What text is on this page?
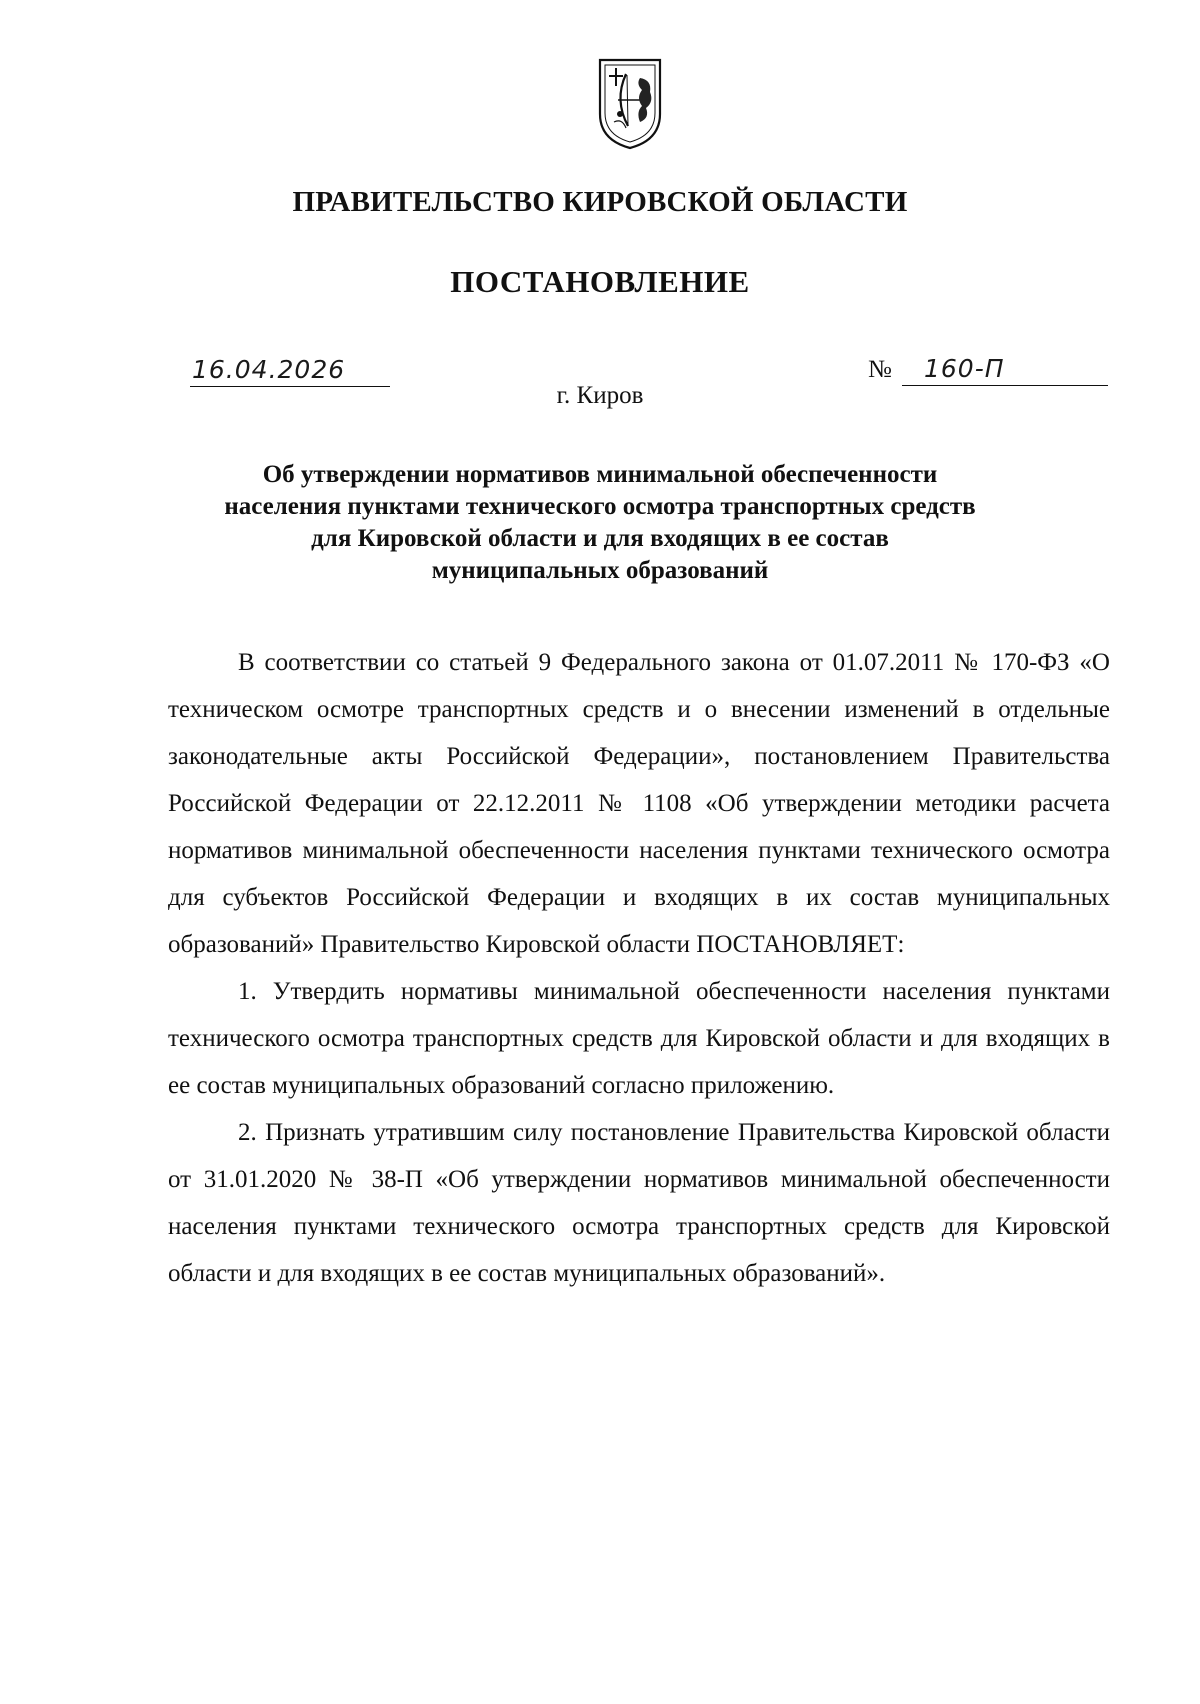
ПРАВИТЕЛЬСТВО КИРОВСКОЙ ОБЛАСТИ
ПОСТАНОВЛЕНИЕ
16.04.2026	№ 160-П
г. Киров
Об утверждении нормативов минимальной обеспеченности
населения пунктами технического осмотра транспортных средств
для Кировской области и для входящих в ее состав
муниципальных образований

В соответствии со статьей 9 Федерального закона от 01.07.2011 № 170-ФЗ «О техническом осмотре транспортных средств и о внесении изменений в отдельные законодательные акты Российской Федерации», постановлением Правительства Российской Федерации от 22.12.2011 № 1108 «Об утверждении методики расчета нормативов минимальной обеспеченности населения пунктами технического осмотра для субъектов Российской Федерации и входящих в их состав муниципальных образований» Правительство Кировской области ПОСТАНОВЛЯЕТ:

1. Утвердить нормативы минимальной обеспеченности населения пунктами технического осмотра транспортных средств для Кировской области и для входящих в ее состав муниципальных образований согласно приложению.

2. Признать утратившим силу постановление Правительства Кировской области от 31.01.2020 № 38-П «Об утверждении нормативов минимальной обеспеченности населения пунктами технического осмотра транспортных средств для Кировской области и для входящих в ее состав муниципальных образований».
